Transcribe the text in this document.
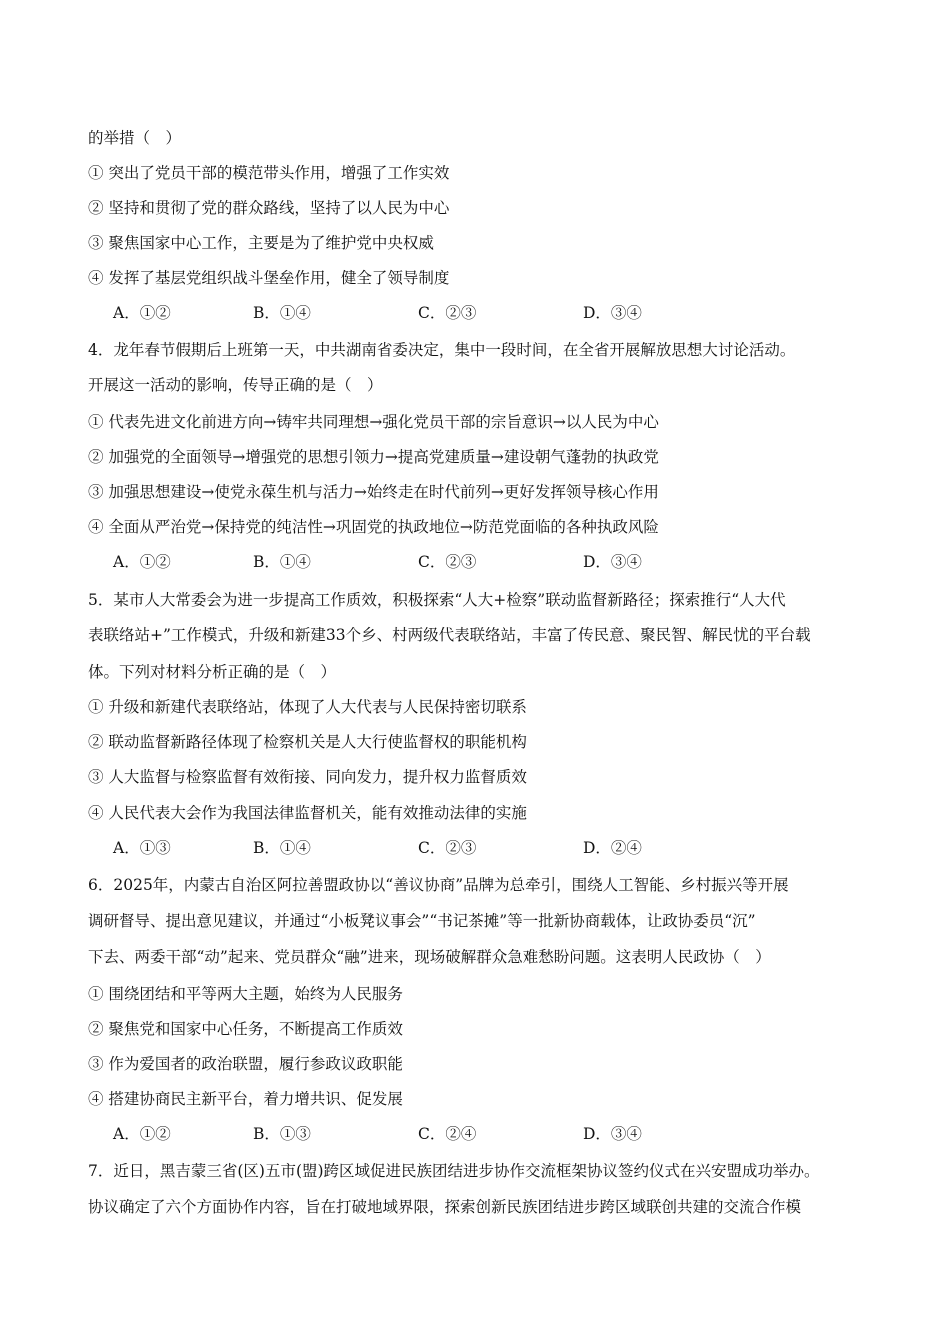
的举措（　）
① 突出了党员干部的模范带头作用，增强了工作实效
② 坚持和贯彻了党的群众路线，坚持了以人民为中心
③ 聚焦国家中心工作，主要是为了维护党中央权威
④ 发挥了基层党组织战斗堡垒作用，健全了领导制度
A．①②	B．①④	C．②③	D．③④
4．龙年春节假期后上班第一天，中共湖南省委决定，集中一段时间，在全省开展解放思想大讨论活动。
开展这一活动的影响，传导正确的是（　）
① 代表先进文化前进方向→铸牢共同理想→强化党员干部的宗旨意识→以人民为中心
② 加强党的全面领导→增强党的思想引领力→提高党建质量→建设朝气蓬勃的执政党
③ 加强思想建设→使党永葆生机与活力→始终走在时代前列→更好发挥领导核心作用
④ 全面从严治党→保持党的纯洁性→巩固党的执政地位→防范党面临的各种执政风险
A．①②	B．①④	C．②③	D．③④
5．某市人大常委会为进一步提高工作质效，积极探索“人大+检察”联动监督新路径；探索推行“人大代
表联络站+”工作模式，升级和新建33个乡、村两级代表联络站，丰富了传民意、聚民智、解民忧的平台载
体。下列对材料分析正确的是（　）
① 升级和新建代表联络站，体现了人大代表与人民保持密切联系
② 联动监督新路径体现了检察机关是人大行使监督权的职能机构
③ 人大监督与检察监督有效衔接、同向发力，提升权力监督质效
④ 人民代表大会作为我国法律监督机关，能有效推动法律的实施
A．①③	B．①④	C．②③	D．②④
6．2025年，内蒙古自治区阿拉善盟政协以“善议协商”品牌为总牵引，围绕人工智能、乡村振兴等开展
调研督导、提出意见建议，并通过“小板凳议事会”“书记茶摊”等一批新协商载体，让政协委员“沉”
下去、两委干部“动”起来、党员群众“融”进来，现场破解群众急难愁盼问题。这表明人民政协（　）
① 围绕团结和平等两大主题，始终为人民服务
② 聚焦党和国家中心任务，不断提高工作质效
③ 作为爱国者的政治联盟，履行参政议政职能
④ 搭建协商民主新平台，着力增共识、促发展
A．①②	B．①③	C．②④	D．③④
7．近日，黑吉蒙三省(区)五市(盟)跨区域促进民族团结进步协作交流框架协议签约仪式在兴安盟成功举办。
协议确定了六个方面协作内容，旨在打破地域界限，探索创新民族团结进步跨区域联创共建的交流合作模
